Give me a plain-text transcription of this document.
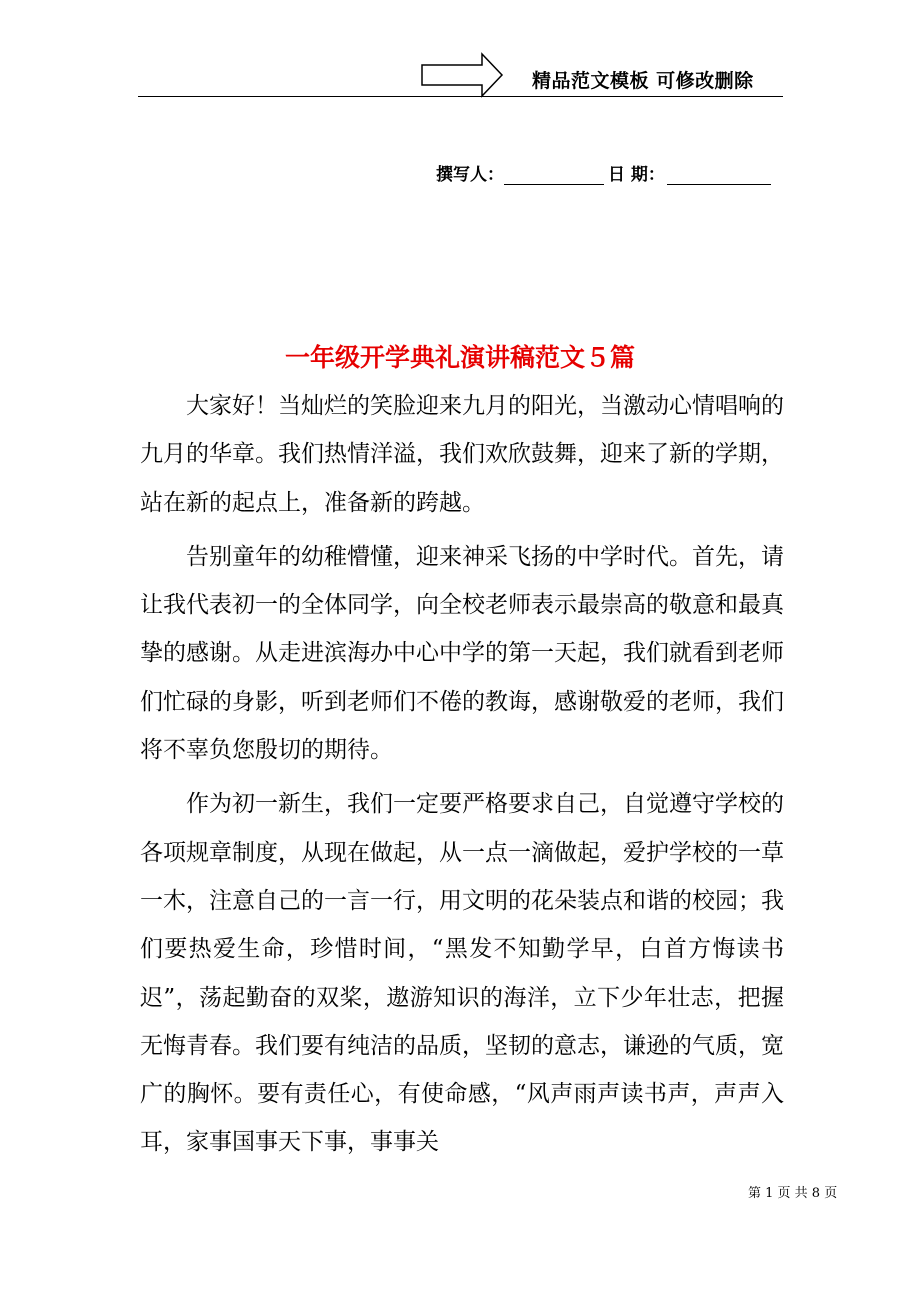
精品范文模板 可修改删除
撰写人：	日 期：
一年级开学典礼演讲稿范文５篇

大家好！当灿烂的笑脸迎来九月的阳光，当激动心情唱响的九月的华章。我们热情洋溢，我们欢欣鼓舞，迎来了新的学期，站在新的起点上，准备新的跨越。

告别童年的幼稚懵懂，迎来神采飞扬的中学时代。首先，请让我代表初一的全体同学，向全校老师表示最崇高的敬意和最真挚的感谢。从走进滨海办中心中学的第一天起，我们就看到老师们忙碌的身影，听到老师们不倦的教诲，感谢敬爱的老师，我们将不辜负您殷切的期待。

作为初一新生，我们一定要严格要求自己，自觉遵守学校的各项规章制度，从现在做起，从一点一滴做起，爱护学校的一草一木，注意自己的一言一行，用文明的花朵装点和谐的校园；我们要热爱生命，珍惜时间，“黑发不知勤学早，白首方悔读书迟”，荡起勤奋的双桨，遨游知识的海洋，立下少年壮志，把握无悔青春。我们要有纯洁的品质，坚韧的意志，谦逊的气质，宽广的胸怀。要有责任心，有使命感，“风声雨声读书声，声声入耳，家事国事天下事，事事关

第 1 页 共 8 页
